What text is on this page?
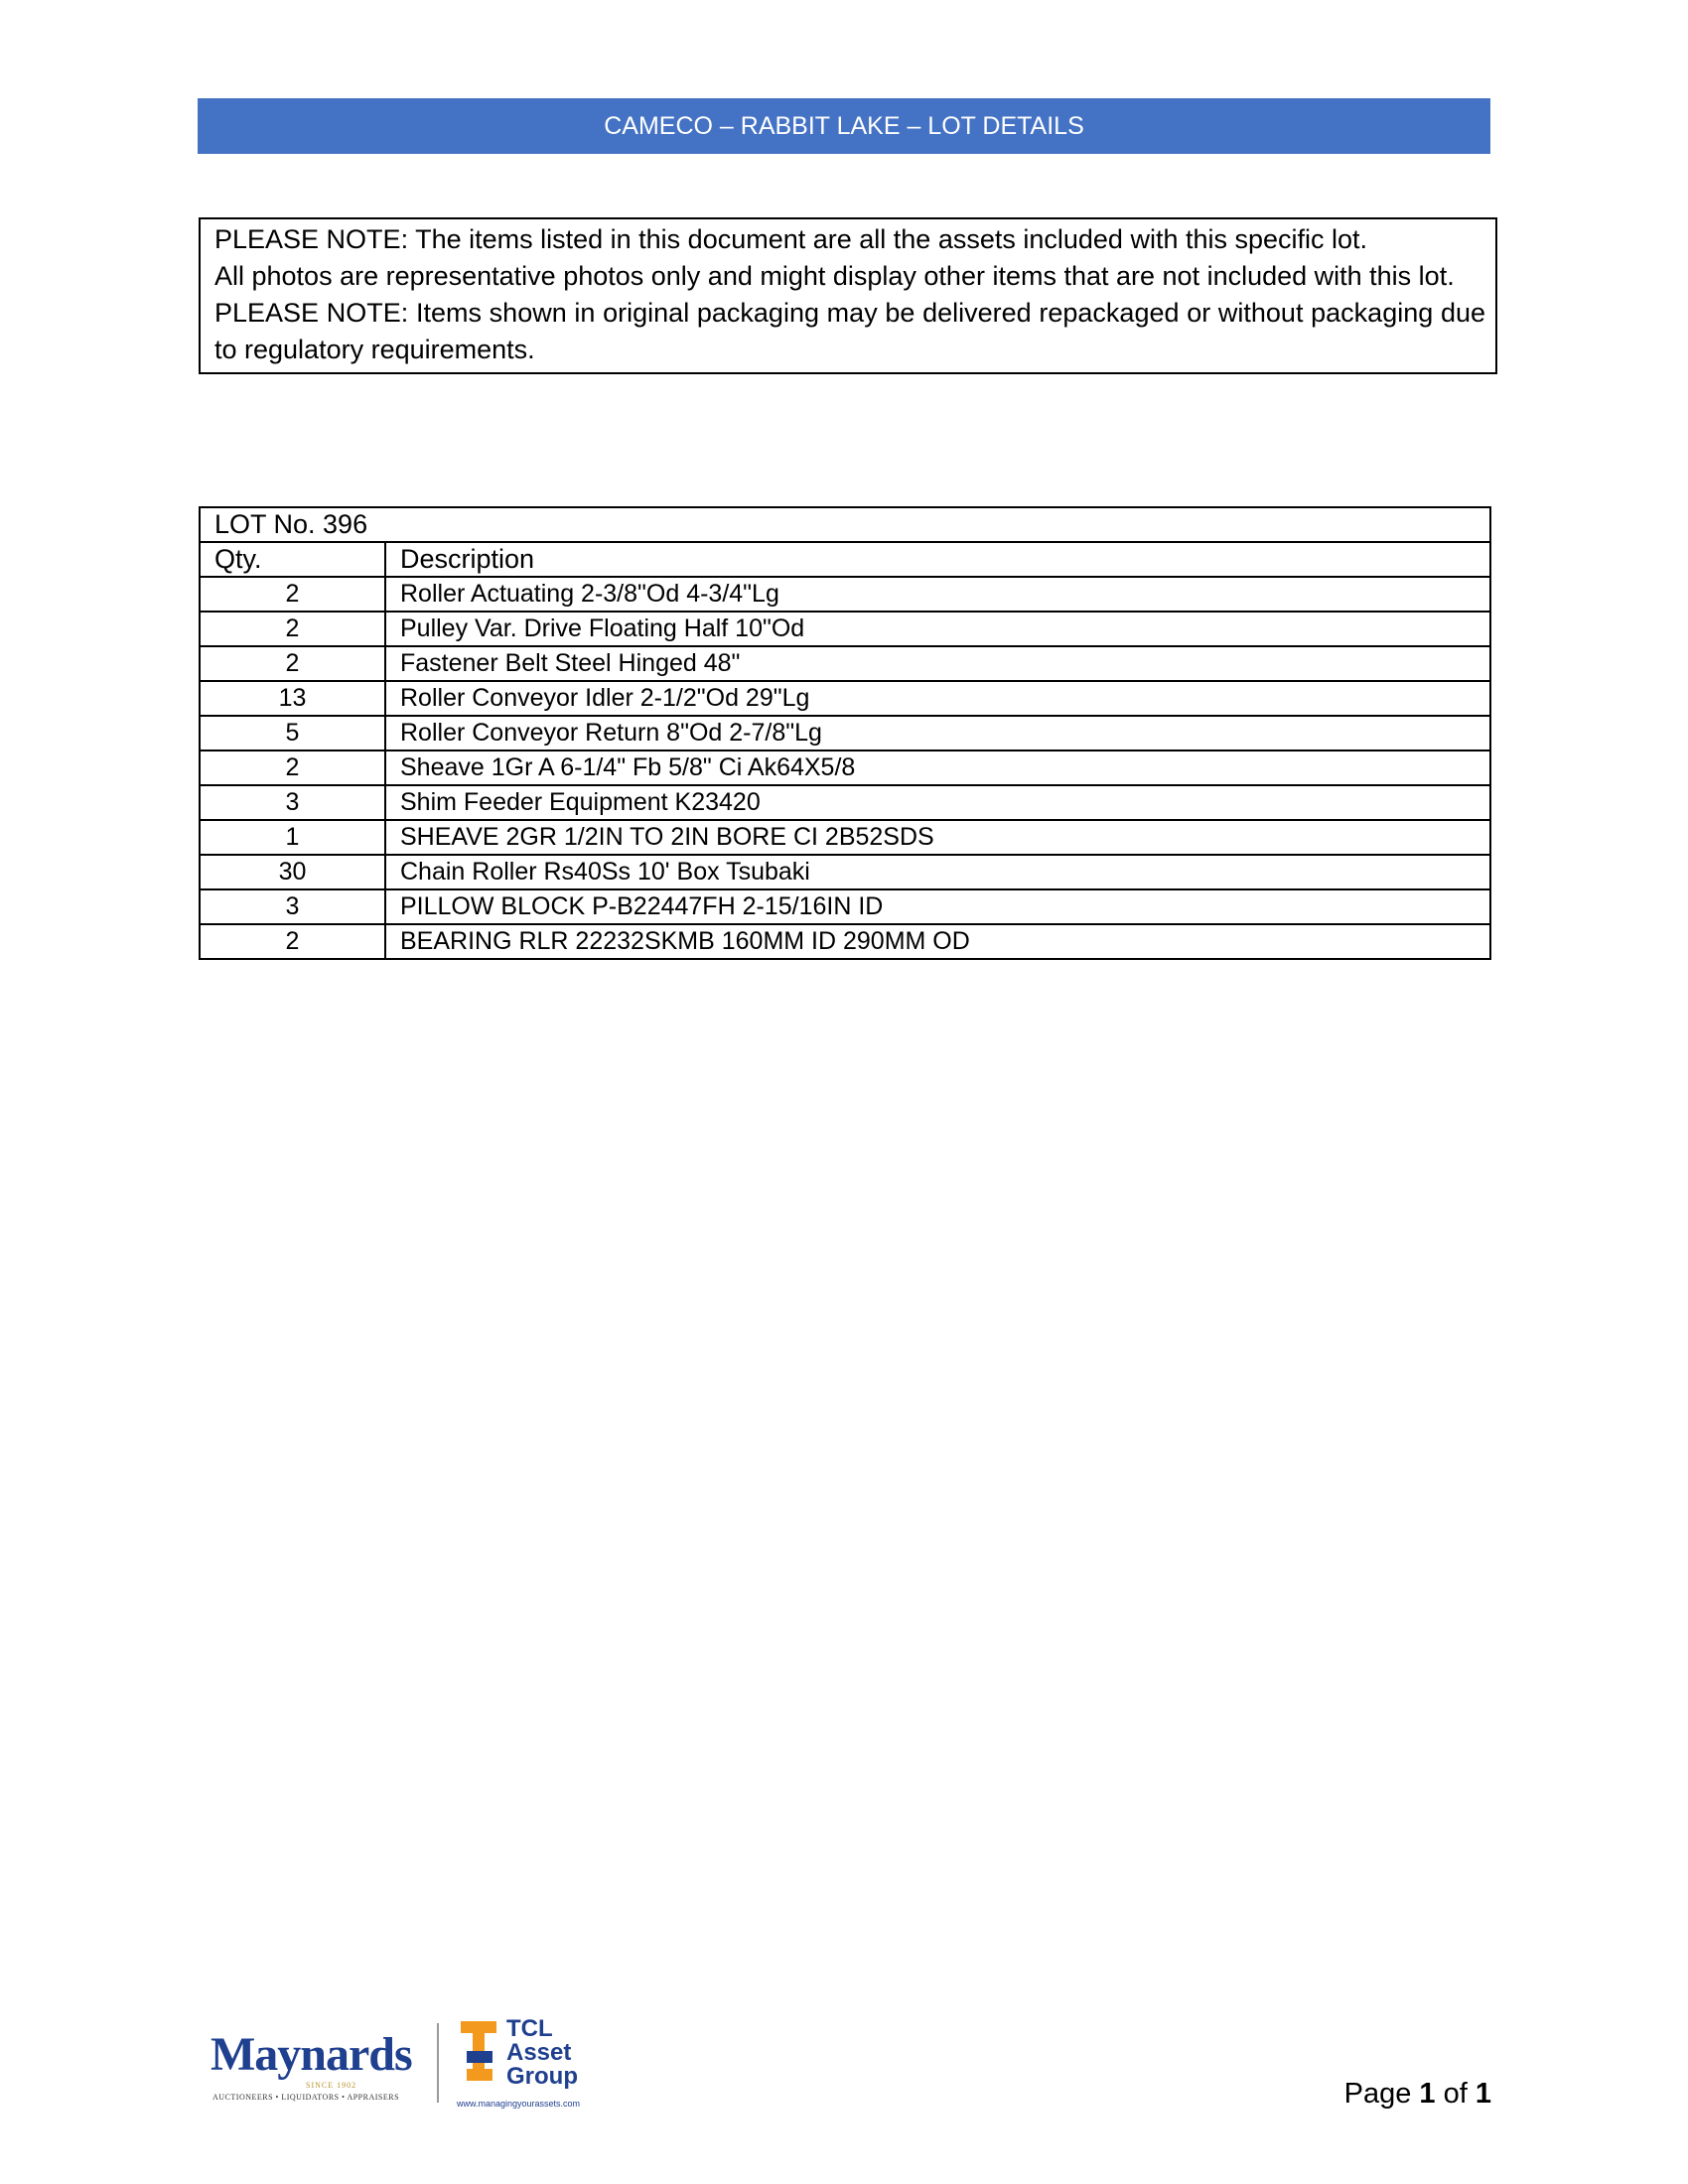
CAMECO – RABBIT LAKE – LOT DETAILS

PLEASE NOTE: The items listed in this document are all the assets included with this specific lot.

All photos are representative photos only and might display other items that are not included with this lot.

PLEASE NOTE: Items shown in original packaging may be delivered repackaged or without packaging due to regulatory requirements.

LOT No. 396	
Qty.	Description
2	Roller Actuating 2-3/8"Od 4-3/4"Lg
2	Pulley Var. Drive Floating Half 10"Od
2	Fastener Belt Steel Hinged 48"
13	Roller Conveyor Idler 2-1/2"Od 29"Lg
5	Roller Conveyor Return 8"Od 2-7/8"Lg
2	Sheave 1Gr A 6-1/4" Fb 5/8" Ci Ak64X5/8
3	Shim Feeder Equipment K23420
1	SHEAVE 2GR 1/2IN TO 2IN BORE CI 2B52SDS
30	Chain Roller Rs40Ss 10' Box Tsubaki
3	PILLOW BLOCK P-B22447FH 2-15/16IN ID
2	BEARING RLR 22232SKMB 160MM ID 290MM OD
Maynards
SINCE 1902
AUCTIONEERS • LIQUIDATORS • APPRAISERS
TCL
Asset
Group
www.managingyourassets.com	Page 1 of 1
